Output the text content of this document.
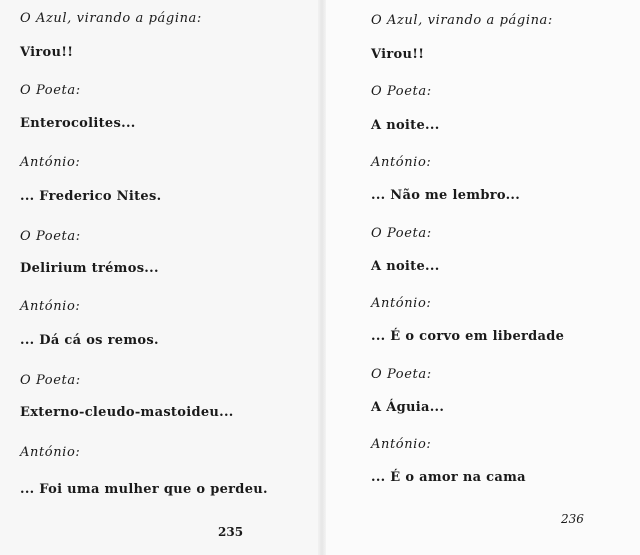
O Azul, virando a página:
Virou!!
O Poeta:
Enterocolites...
António:
... Frederico Nites.
O Poeta:
Delirium trémos...
António:
... Dá cá os remos.
O Poeta:
Externo-cleudo-mastoideu...
António:
... Foi uma mulher que o perdeu.
235
O Azul, virando a página:
Virou!!
O Poeta:
A noite...
António:
... Não me lembro...
O Poeta:
A noite...
António:
... É o corvo em liberdade
O Poeta:
A Águia...
António:
... É o amor na cama
236
